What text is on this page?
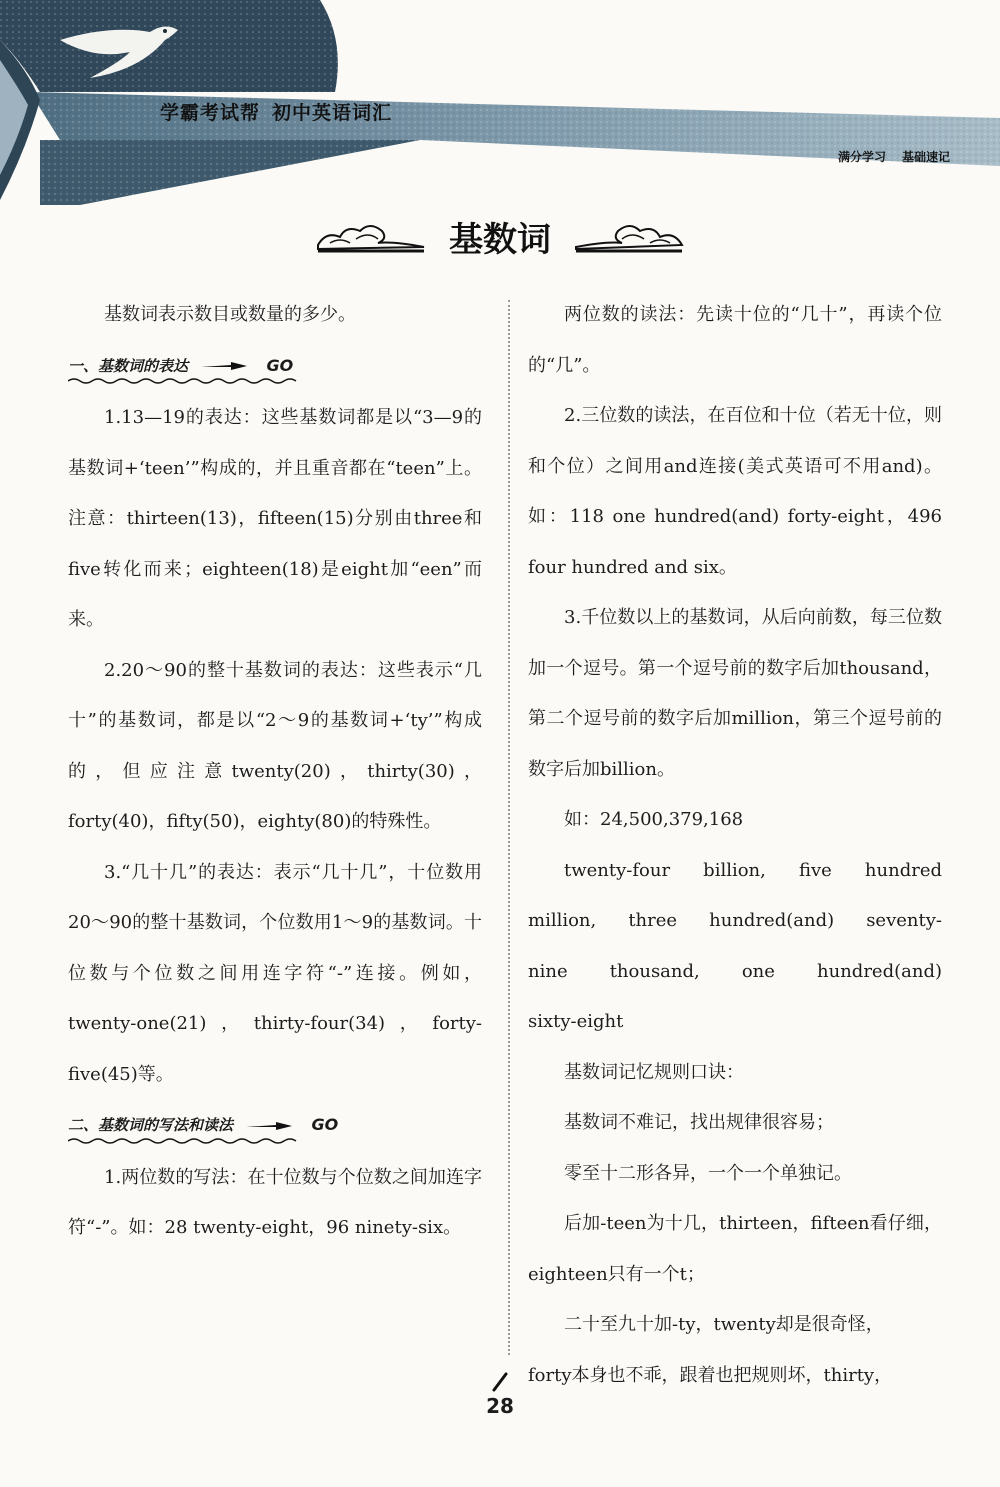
学霸考试帮 初中英语词汇
满分学习 基础速记
基数词

基数词表示数目或数量的多少。

一、基数词的表达	GO

1.13—19的表达：这些基数词都是以“3—9的基数词+‘teen’”构成的，并且重音都在“teen”上。注意：thirteen(13)，fifteen(15)分别由three和five转化而来；eighteen(18)是eight加“een”而来。

2.20～90的整十基数词的表达：这些表示“几十”的基数词，都是以“2～9的基数词+‘ty’”构成的，但应注意twenty(20)，thirty(30)，forty(40)，fifty(50)，eighty(80)的特殊性。

3.“几十几”的表达：表示“几十几”，十位数用20～90的整十基数词，个位数用1～9的基数词。十位数与个位数之间用连字符“-”连接。例如，twenty-one(21)，thirty-four(34)，forty-five(45)等。

二、基数词的写法和读法	GO

1.两位数的写法：在十位数与个位数之间加连字符“-”。如：28 twenty-eight，96 ninety-six。

两位数的读法：先读十位的“几十”，再读个位的“几”。

2.三位数的读法，在百位和十位（若无十位，则和个位）之间用and连接(美式英语可不用and)。如：118 one hundred(and) forty-eight，496 four hundred and six。

3.千位数以上的基数词，从后向前数，每三位数加一个逗号。第一个逗号前的数字后加thousand，第二个逗号前的数字后加million，第三个逗号前的数字后加billion。

如：24,500,379,168

twenty-four billion, five hundred million, three hundred(and) seventy-nine thousand, one hundred(and) sixty-eight

基数词记忆规则口诀：

基数词不难记，找出规律很容易；

零至十二形各异，一个一个单独记。

后加-teen为十几，thirteen，fifteen看仔细，eighteen只有一个t；

二十至九十加-ty，twenty却是很奇怪，

forty本身也不乖，跟着也把规则坏，thirty，

28
